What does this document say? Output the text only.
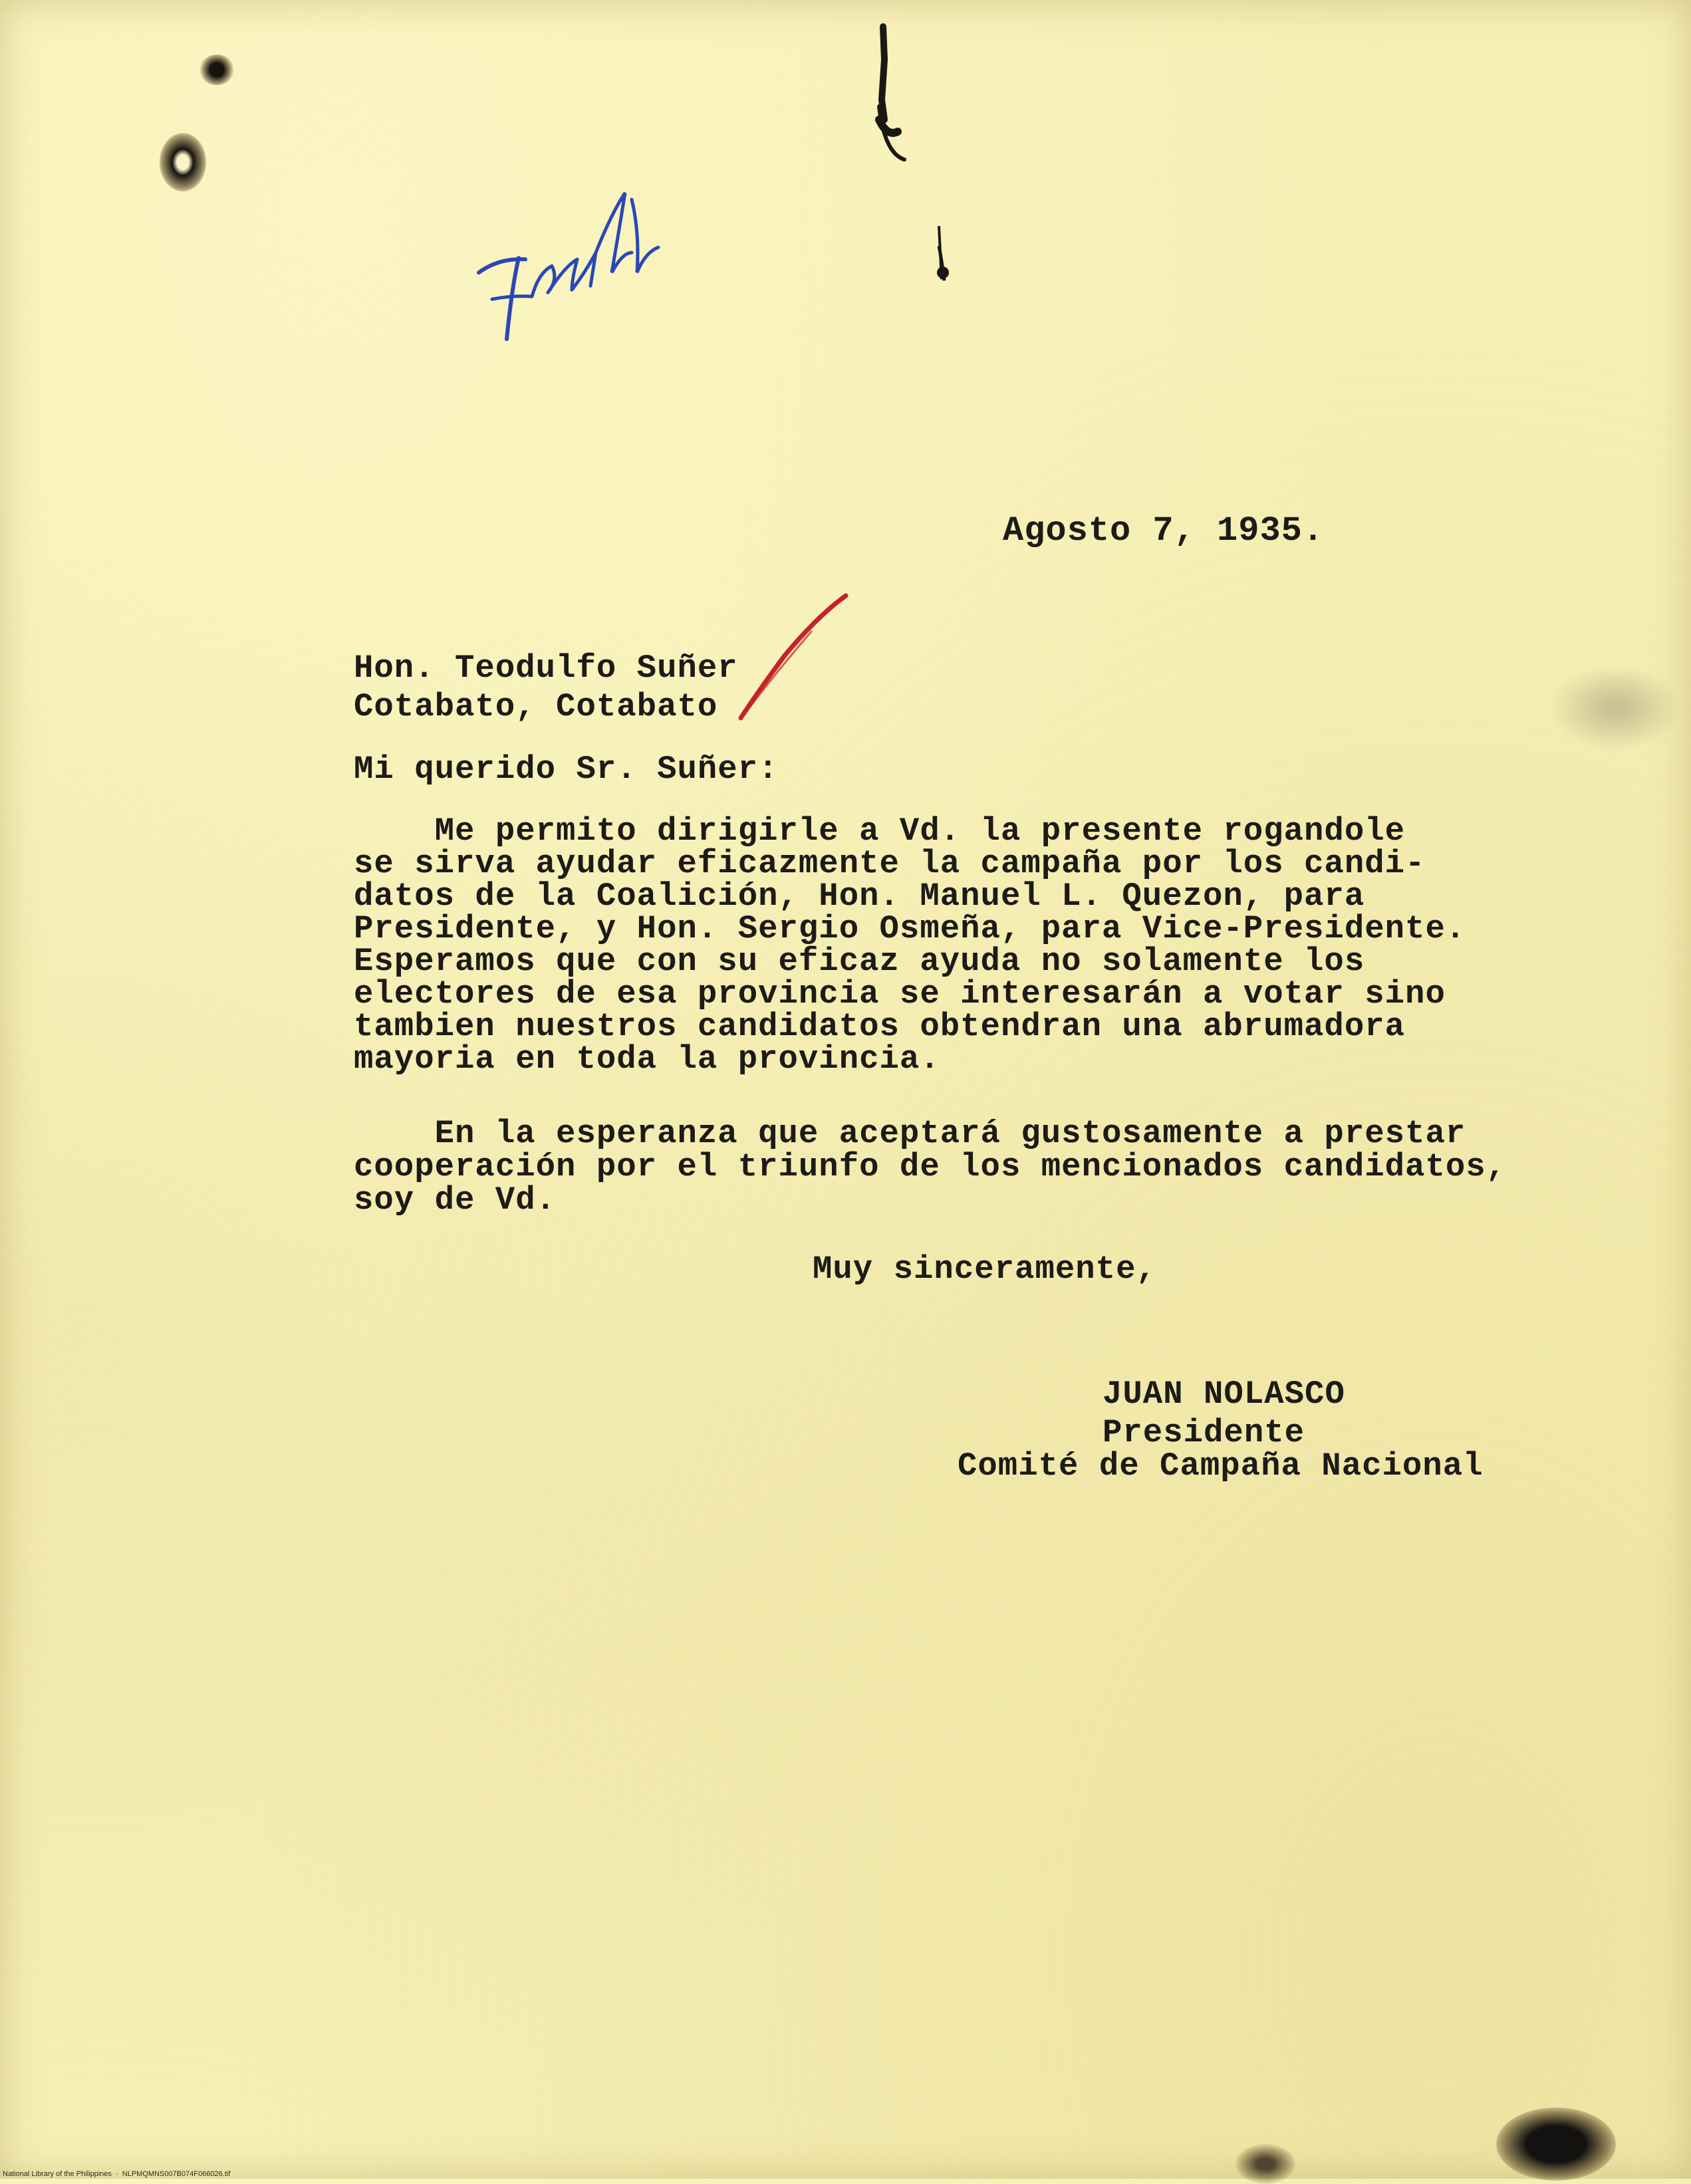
Agosto 7, 1935.
Hon. Teodulfo Suñer
Cotabato, Cotabato
Mi querido Sr. Suñer:
Me permito dirigirle a Vd. la presente rogandole
se sirva ayudar eficazmente la campaña por los candi-
datos de la Coalición, Hon. Manuel L. Quezon, para
Presidente, y Hon. Sergio Osmeña, para Vice-Presidente.
Esperamos que con su eficaz ayuda no solamente los
electores de esa provincia se interesarán a votar sino
tambien nuestros candidatos obtendran una abrumadora
mayoria en toda la provincia.
En la esperanza que aceptará gustosamente a prestar
cooperación por el triunfo de los mencionados candidatos,
soy de Vd.
Muy sinceramente,
JUAN NOLASCO
Presidente
Comité de Campaña Nacional
National Library of the Philippines  ·  NLPMQMNS007B074F066026.tif
